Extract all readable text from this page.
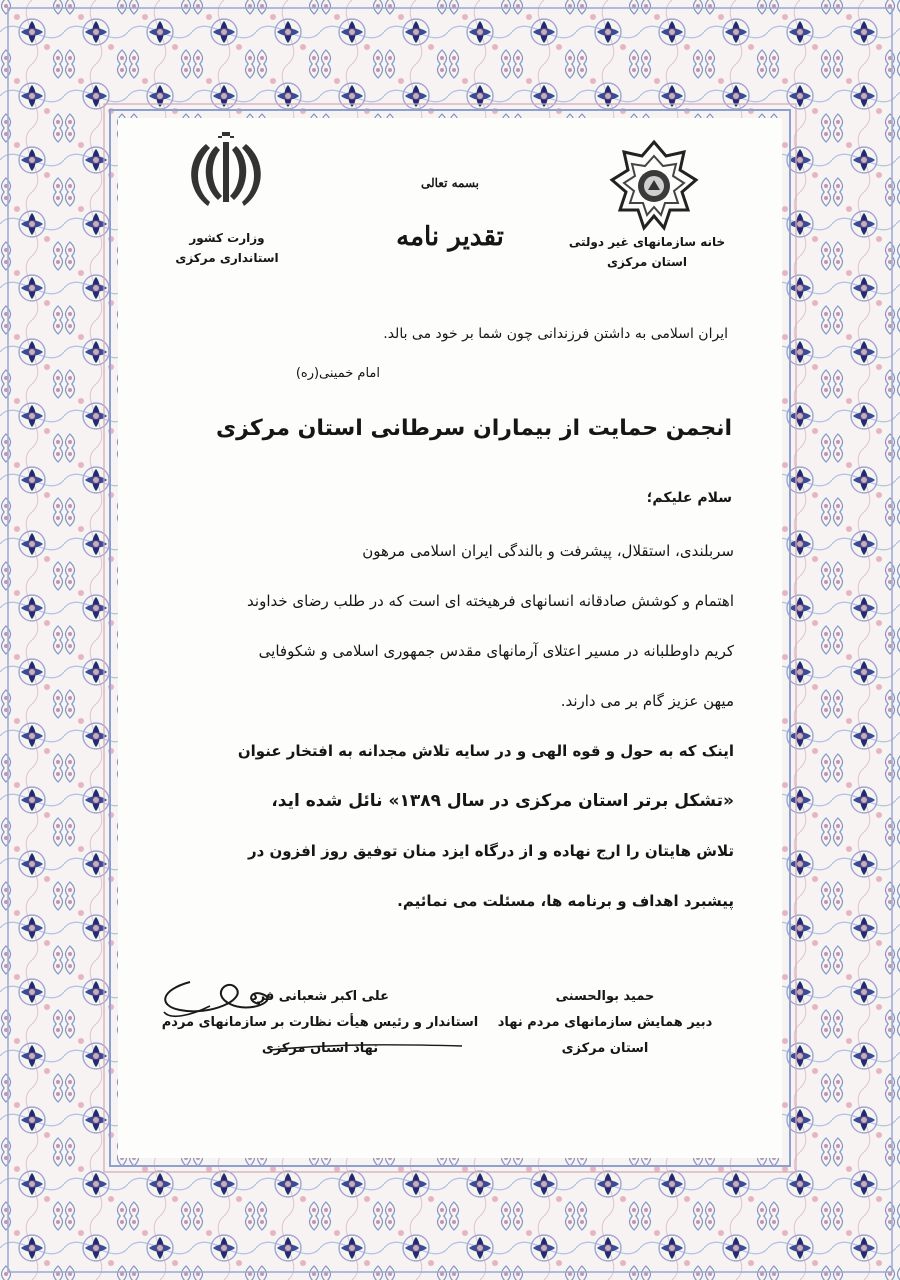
خانه سازمانهای غیر دولتی
استان مرکزی
وزارت کشور
استانداری مرکزی
بسمه تعالی
تقدیر نامه
ایران اسلامی به داشتن فرزندانی چون شما بر خود می بالد.
امام خمینی(ره)
انجمن حمایت از بیماران سرطانی استان مرکزی
سلام علیکم؛
سربلندی، استقلال، پیشرفت و بالندگی ایران اسلامی مرهون
اهتمام و کوشش صادقانه انسانهای فرهیخته ای است که در طلب رضای خداوند
کریم داوطلبانه در مسیر اعتلای آرمانهای مقدس جمهوری اسلامی و شکوفایی
میهن عزیز گام بر می دارند.
اینک که به حول و قوه الهی و در سایه تلاش مجدانه به افتخار عنوان
«تشکل برتر استان مرکزی در سال ۱۳۸۹» نائل شده اید،
تلاش هایتان را ارج نهاده و از درگاه ایزد منان توفیق روز افزون در
پیشبرد اهداف و برنامه ها، مسئلت می نمائیم.
حمید بوالحسنی
دبیر همایش سازمانهای مردم نهاد
استان مرکزی
علی اکبر شعبانی فرد
استاندار و رئیس هیأت نظارت بر سازمانهای مردم
نهاد استان مرکزی
